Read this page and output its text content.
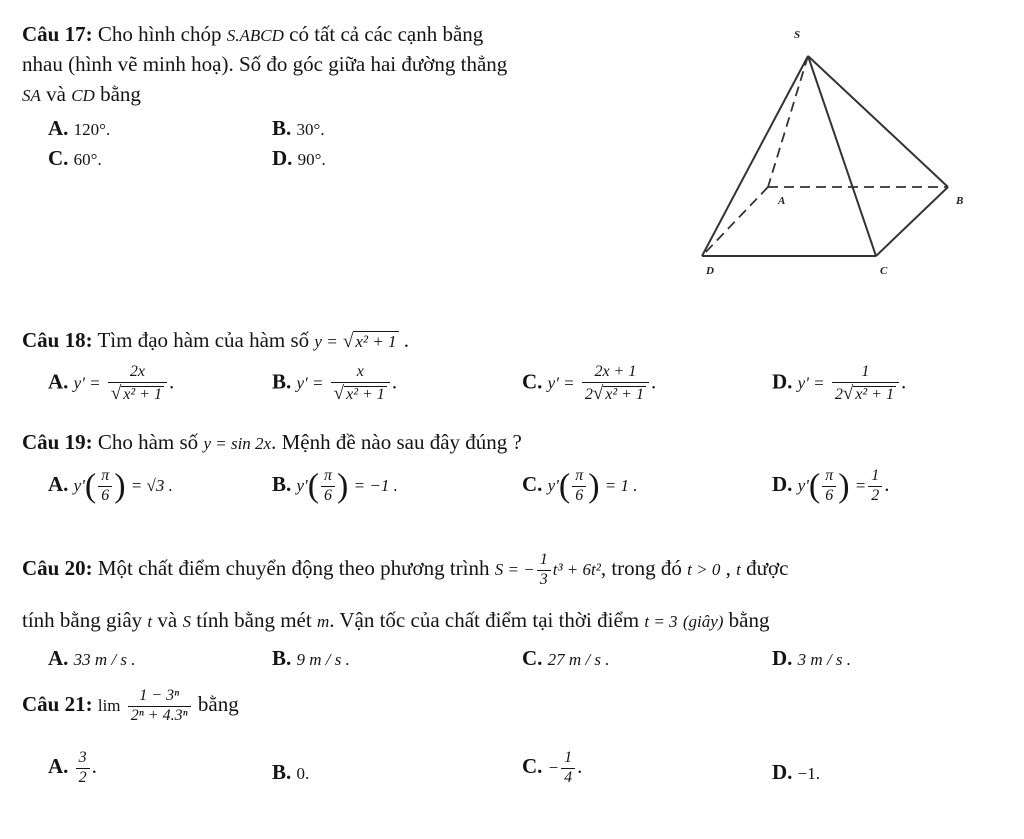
Câu 17: Cho hình chóp S.ABCD có tất cả các cạnh bằng
nhau (hình vẽ minh hoạ). Số đo góc giữa hai đường thẳng
SA và CD bằng
A. 120°.	B. 30°.
C. 60°.	D. 90°.
S
A	B
C
D
Câu 18: Tìm đạo hàm của hàm số y = √ x² + 1 .
A. $y' = \frac{2x}{\text{√ x² + 1}}$ .	B. $y' = \frac{x}{\text{√ x² + 1}}$ .	C. $y' = \frac{2x + 1}{\text{2√ x² + 1}}$ .	D. $y' = \frac{1}{\text{2√ x² + 1}}$ .
Câu 19: Cho hàm số y = sin 2x. Mệnh đề nào sau đây đúng ?
A. $y'( \frac{\pi}{6}$ ) = √3 .	B. $y'( \frac{\pi}{6}$ ) = −1 .	C. $y'( \frac{\pi}{6}$ ) = 1 .	D. $y'( \frac{\pi}{6}$ ) = $\frac{1}{2}$ .
Câu 20: Một chất điểm chuyển động theo phương trình S = − $\frac{1}{3} t^3 + 6t^2$, trong đó t > 0 , t được
tính bằng giây t và S tính bằng mét m. Vận tốc của chất điểm tại thời điểm t = 3 (giây) bằng
A. 33 m / s .	B. 9 m / s .	C. 27 m / s .	D. 3 m / s .
Câu 21: $\lim \frac{\text{1 − 3ⁿ}}{\text{2ⁿ + 4.3ⁿ}}$ bằng
A. $\frac{3}{2}$ .	B. 0.	C. − $\frac{1}{4}$ .	D. −1.
